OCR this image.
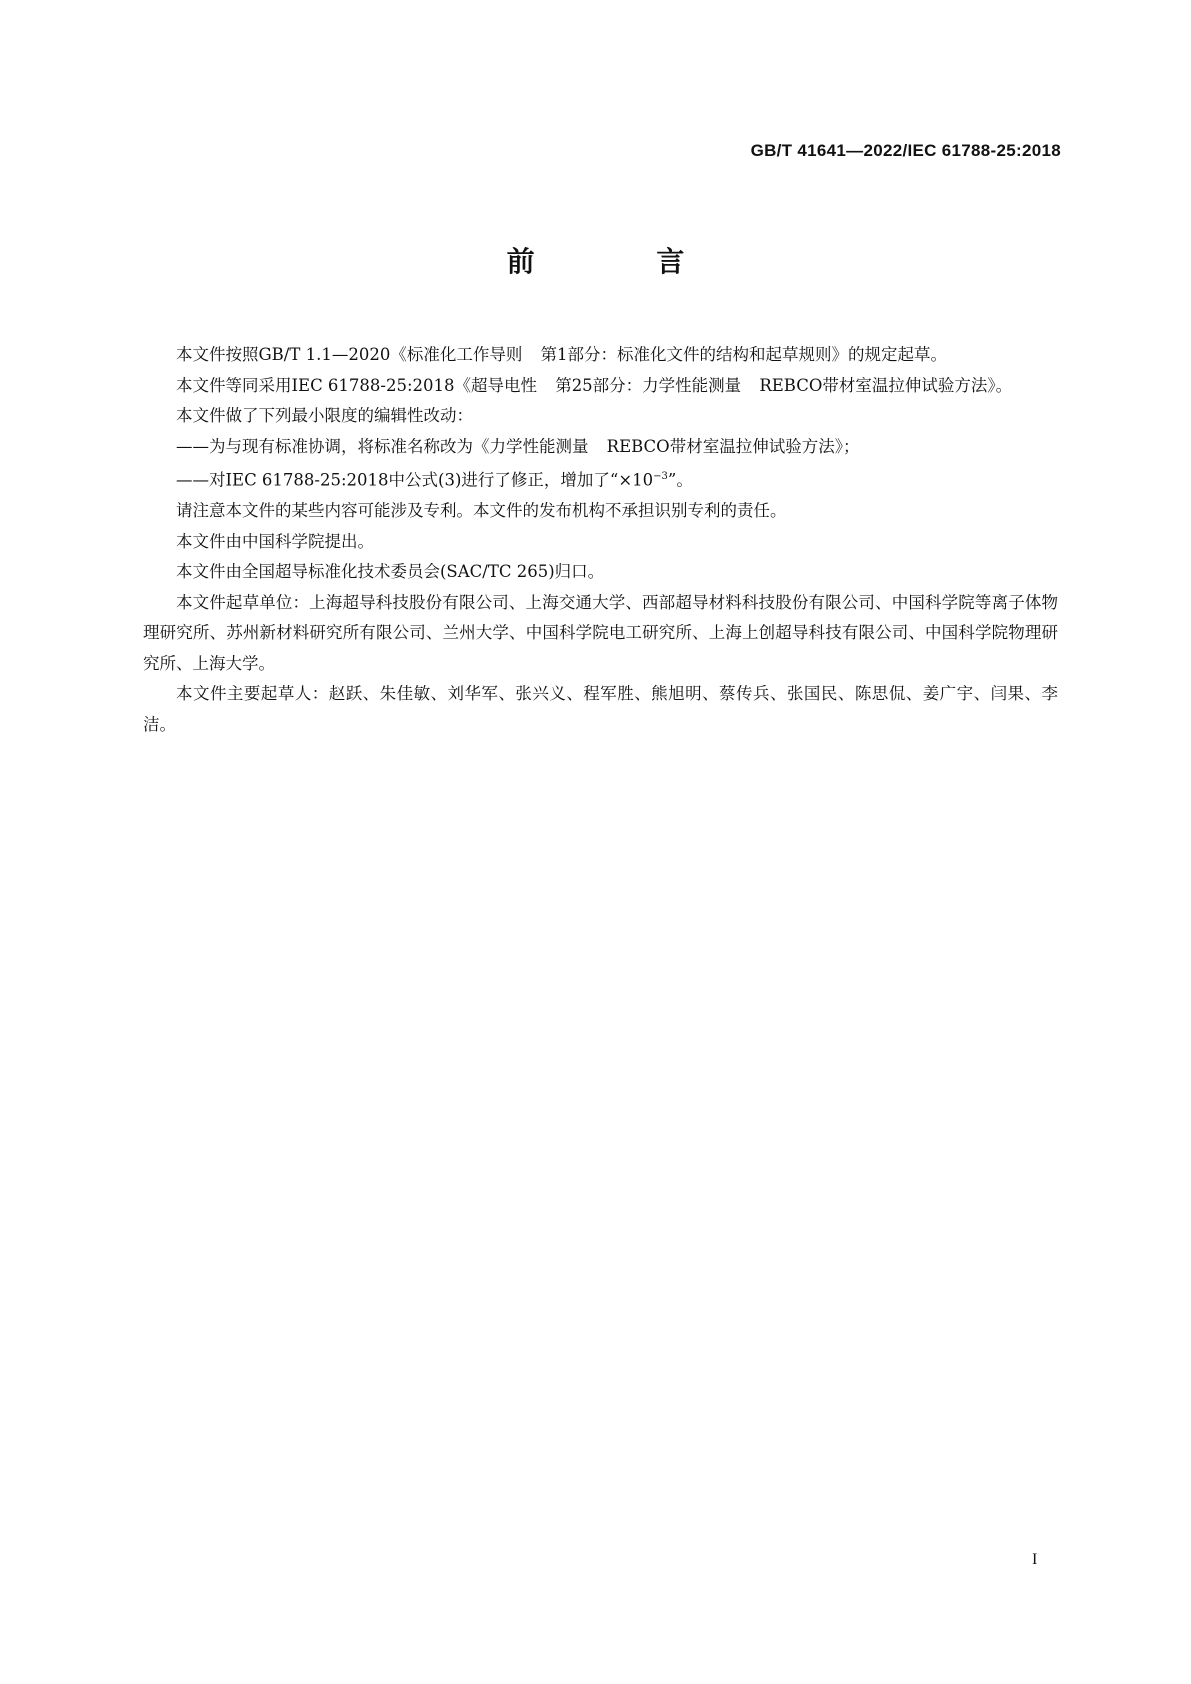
GB/T 41641—2022/IEC 61788-25:2018
前 言

本文件按照GB/T 1.1—2020《标准化工作导则 第1部分：标准化文件的结构和起草规则》的规定起草。

本文件等同采用IEC 61788-25:2018《超导电性 第25部分：力学性能测量 REBCO带材室温拉伸试验方法》。

本文件做了下列最小限度的编辑性改动：

——为与现有标准协调，将标准名称改为《力学性能测量 REBCO带材室温拉伸试验方法》；

——对IEC 61788-25:2018中公式(3)进行了修正，增加了“$\times 10^{-3}$”。

请注意本文件的某些内容可能涉及专利。本文件的发布机构不承担识别专利的责任。

本文件由中国科学院提出。

本文件由全国超导标准化技术委员会(SAC/TC 265)归口。

本文件起草单位：上海超导科技股份有限公司、上海交通大学、西部超导材料科技股份有限公司、中国科学院等离子体物理研究所、苏州新材料研究所有限公司、兰州大学、中国科学院电工研究所、上海上创超导科技有限公司、中国科学院物理研究所、上海大学。

本文件主要起草人：赵跃、朱佳敏、刘华军、张兴义、程军胜、熊旭明、蔡传兵、张国民、陈思侃、姜广宇、闫果、李洁。

I
